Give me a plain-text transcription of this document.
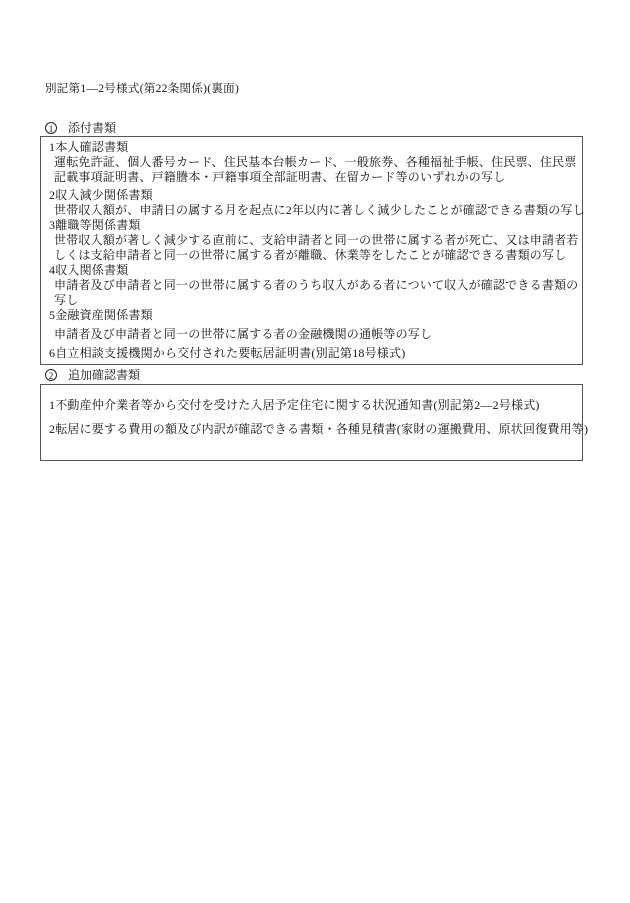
別記第1―2号様式(第22条関係)(裏面)
1	添付書類
1本人確認書類
運転免許証、個人番号カード、住民基本台帳カード、一般旅券、各種福祉手帳、住民票、住民票
記載事項証明書、戸籍謄本・戸籍事項全部証明書、在留カード等のいずれかの写し
2収入減少関係書類
世帯収入額が、申請日の属する月を起点に2年以内に著しく減少したことが確認できる書類の写し
3離職等関係書類
世帯収入額が著しく減少する直前に、支給申請者と同一の世帯に属する者が死亡、又は申請者若
しくは支給申請者と同一の世帯に属する者が離職、休業等をしたことが確認できる書類の写し
4収入関係書類
申請者及び申請者と同一の世帯に属する者のうち収入がある者について収入が確認できる書類の
写し
5金融資産関係書類
申請者及び申請者と同一の世帯に属する者の金融機関の通帳等の写し
6自立相談支援機関から交付された要転居証明書(別記第18号様式)
2	追加確認書類
1不動産仲介業者等から交付を受けた入居予定住宅に関する状況通知書(別記第2―2号様式)
2転居に要する費用の額及び内訳が確認できる書類・各種見積書(家財の運搬費用、原状回復費用等)
